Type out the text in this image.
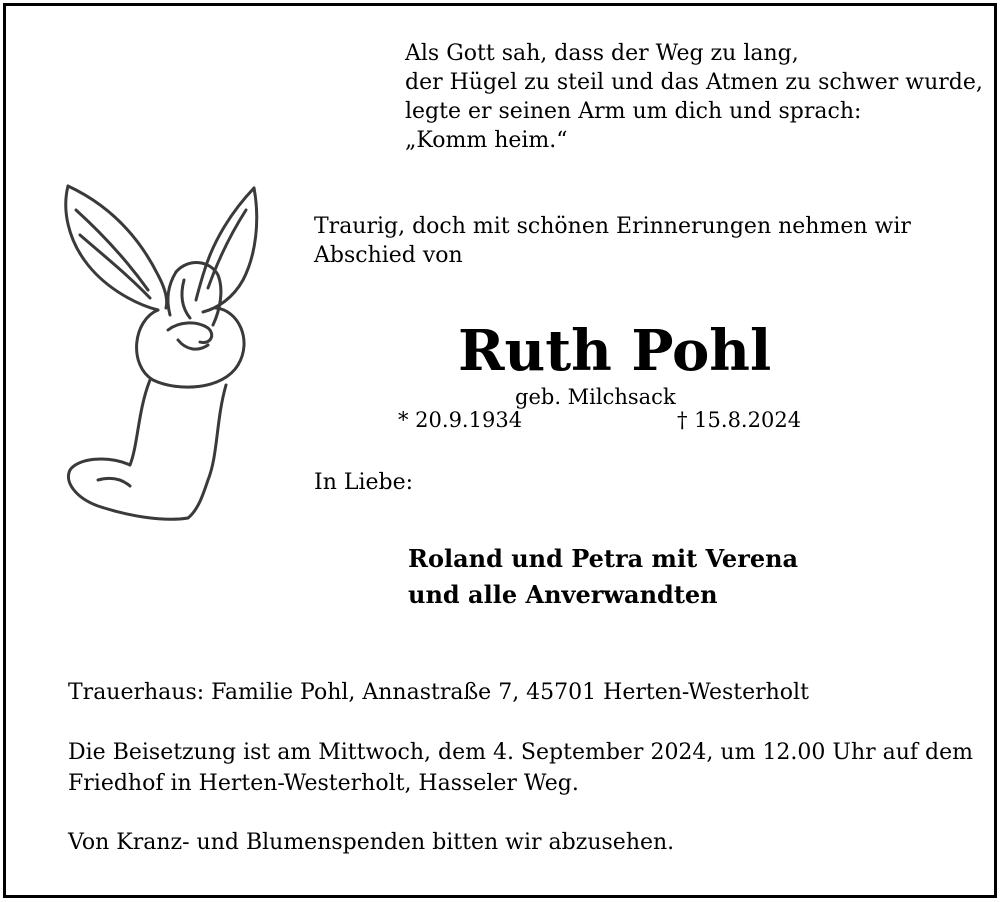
Als Gott sah, dass der Weg zu lang,
der Hügel zu steil und das Atmen zu schwer wurde,
legte er seinen Arm um dich und sprach:
„Komm heim.“
Traurig, doch mit schönen Erinnerungen nehmen wir
Abschied von
Ruth Pohl
geb. Milchsack
* 20.9.1934	† 15.8.2024
In Liebe:
Roland und Petra mit Verena
und alle Anverwandten
Trauerhaus: Familie Pohl, Annastraße 7, 45701 Herten-Westerholt
Die Beisetzung ist am Mittwoch, dem 4. September 2024, um 12.00 Uhr auf dem
Friedhof in Herten-Westerholt, Hasseler Weg.
Von Kranz- und Blumenspenden bitten wir abzusehen.
